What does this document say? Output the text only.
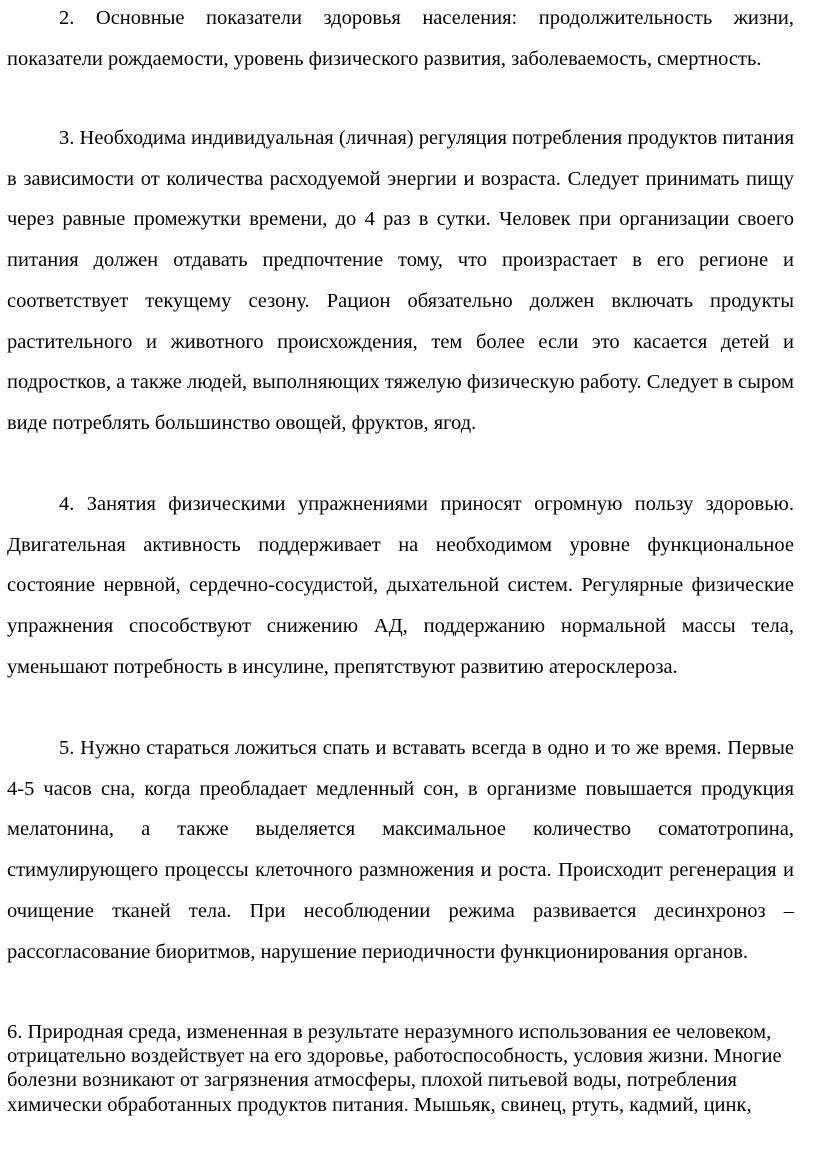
2. Основные показатели здоровья населения: продолжительность жизни, показатели рождаемости, уровень физического развития, заболеваемость, смертность.

3. Необходима индивидуальная (личная) регуляция потребления продуктов питания в зависимости от количества расходуемой энергии и возраста. Следует принимать пищу через равные промежутки времени, до 4 раз в сутки. Человек при организации своего питания должен отдавать предпочтение тому, что произрастает в его регионе и соответствует текущему сезону. Рацион обязательно должен включать продукты растительного и животного происхождения, тем более если это касается детей и подростков, а также людей, выполняющих тяжелую физическую работу. Следует в сыром виде потреблять большинство овощей, фруктов, ягод.

4. Занятия физическими упражнениями приносят огромную пользу здоровью. Двигательная активность поддерживает на необходимом уровне функциональное состояние нервной, сердечно-сосудистой, дыхательной систем. Регулярные физические упражнения способствуют снижению АД, поддержанию нормальной массы тела, уменьшают потребность в инсулине, препятствуют развитию атеросклероза.

5. Нужно стараться ложиться спать и вставать всегда в одно и то же время. Первые 4-5 часов сна, когда преобладает медленный сон, в организме повышается продукция мелатонина, а также выделяется максимальное количество соматотропина, стимулирующего процессы клеточного размножения и роста. Происходит регенерация и очищение тканей тела. При несоблюдении режима развивается десинхроноз – рассогласование биоритмов, нарушение периодичности функционирования органов.

6. Природная среда, измененная в результате неразумного использования ее человеком, отрицательно воздействует на его здоровье, работоспособность, условия жизни. Многие болезни возникают от загрязнения атмосферы, плохой питьевой воды, потребления химически обработанных продуктов питания. Мышьяк, свинец, ртуть, кадмий, цинк,
